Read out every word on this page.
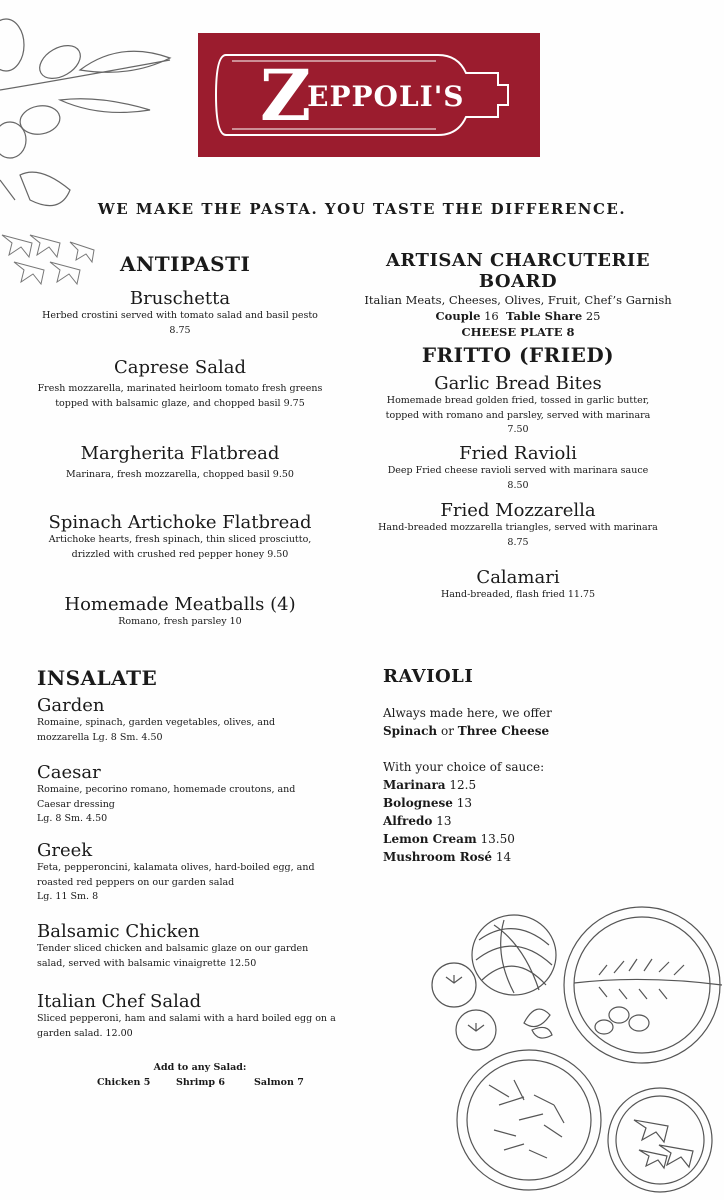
ZEPPOLI'S
WE MAKE THE PASTA. YOU TASTE THE DIFFERENCE.
ANTIPASTI
Bruschetta
Herbed crostini served with tomato salad and basil pesto
8.75
Caprese Salad
Fresh mozzarella, marinated heirloom tomato fresh greens
topped with balsamic glaze, and chopped basil 9.75
Margherita Flatbread
Marinara, fresh mozzarella, chopped basil 9.50
Spinach Artichoke Flatbread
Artichoke hearts, fresh spinach, thin sliced prosciutto,
drizzled with crushed red pepper honey 9.50
Homemade Meatballs (4)
Romano, fresh parsley 10
ARTISAN CHARCUTERIE BOARD
Italian Meats, Cheeses, Olives, Fruit, Chef’s Garnish
Couple 16 Table Share 25
CHEESE PLATE 8
FRITTO (FRIED)
Garlic Bread Bites
Homemade bread golden fried, tossed in garlic butter,
topped with romano and parsley, served with marinara
7.50
Fried Ravioli
Deep Fried cheese ravioli served with marinara sauce
8.50
Fried Mozzarella
Hand-breaded mozzarella triangles, served with marinara
8.75
Calamari
Hand-breaded, flash fried 11.75
INSALATE
Garden
Romaine, spinach, garden vegetables, olives, and
mozzarella Lg. 8 Sm. 4.50
Caesar
Romaine, pecorino romano, homemade croutons, and
Caesar dressing
Lg. 8 Sm. 4.50
Greek
Feta, pepperoncini, kalamata olives, hard-boiled egg, and
roasted red peppers on our garden salad
Lg. 11 Sm. 8
Balsamic Chicken
Tender sliced chicken and balsamic glaze on our garden
salad, served with balsamic vinaigrette 12.50
Italian Chef Salad
Sliced pepperoni, ham and salami with a hard boiled egg on a
garden salad. 12.00
Add to any Salad:
Chicken 5	Shrimp 6	Salmon 7
RAVIOLI
Always made here, we offer
Spinach or Three Cheese
With your choice of sauce:
Marinara 12.5
Bolognese 13
Alfredo 13
Lemon Cream 13.50
Mushroom Rosé 14
